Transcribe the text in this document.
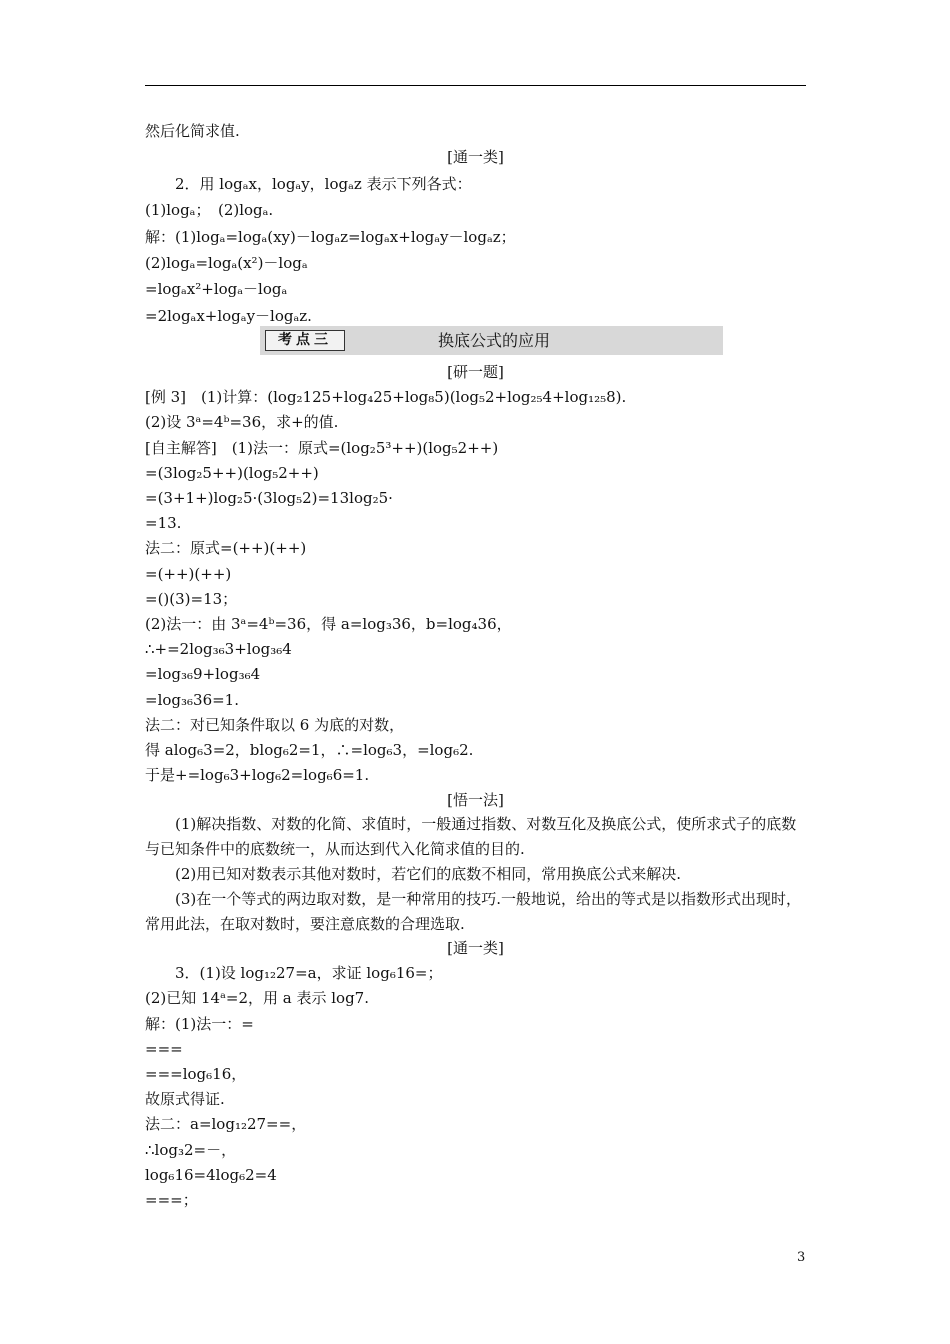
然后化简求值.
[通一类]
2．用 logₐx，logₐy，logₐz 表示下列各式：
(1)logₐ；　(2)logₐ.
解：(1)logₐ=logₐ(xy)－logₐz=logₐx+logₐy－logₐz；
(2)logₐ=logₐ(x²)－logₐ
=logₐx²+logₐ－logₐ
=2logₐx+logₐy－logₐz.
考点三	换底公式的应用
[研一题]
[例 3]　(1)计算：(log₂125+log₄25+log₈5)(log₅2+log₂₅4+log₁₂₅8).
(2)设 3ᵃ=4ᵇ=36，求+的值.
[自主解答]　(1)法一：原式=(log₂5³++)(log₅2++)
=(3log₂5++)(log₅2++)
=(3+1+)log₂5·(3log₅2)=13log₂5·
=13.
法二：原式=(++)(++)
=(++)(++)
=()(3)=13；
(2)法一：由 3ᵃ=4ᵇ=36，得 a=log₃36，b=log₄36，
∴+=2log₃₆3+log₃₆4
=log₃₆9+log₃₆4
=log₃₆36=1.
法二：对已知条件取以 6 为底的对数，
得 alog₆3=2，blog₆2=1，∴=log₆3，=log₆2.
于是+=log₆3+log₆2=log₆6=1.
[悟一法]
(1)解决指数、对数的化简、求值时，一般通过指数、对数互化及换底公式，使所求式子的底数与已知条件中的底数统一，从而达到代入化简求值的目的.
(2)用已知对数表示其他对数时，若它们的底数不相同，常用换底公式来解决.
(3)在一个等式的两边取对数，是一种常用的技巧.一般地说，给出的等式是以指数形式出现时，常用此法，在取对数时，要注意底数的合理选取.
[通一类]
3．(1)设 log₁₂27=a，求证 log₆16=；
(2)已知 14ᵃ=2，用 a 表示 log7.
解：(1)法一：=
===
===log₆16，
故原式得证.
法二：a=log₁₂27==，
∴log₃2=－，
log₆16=4log₆2=4
===；
3
